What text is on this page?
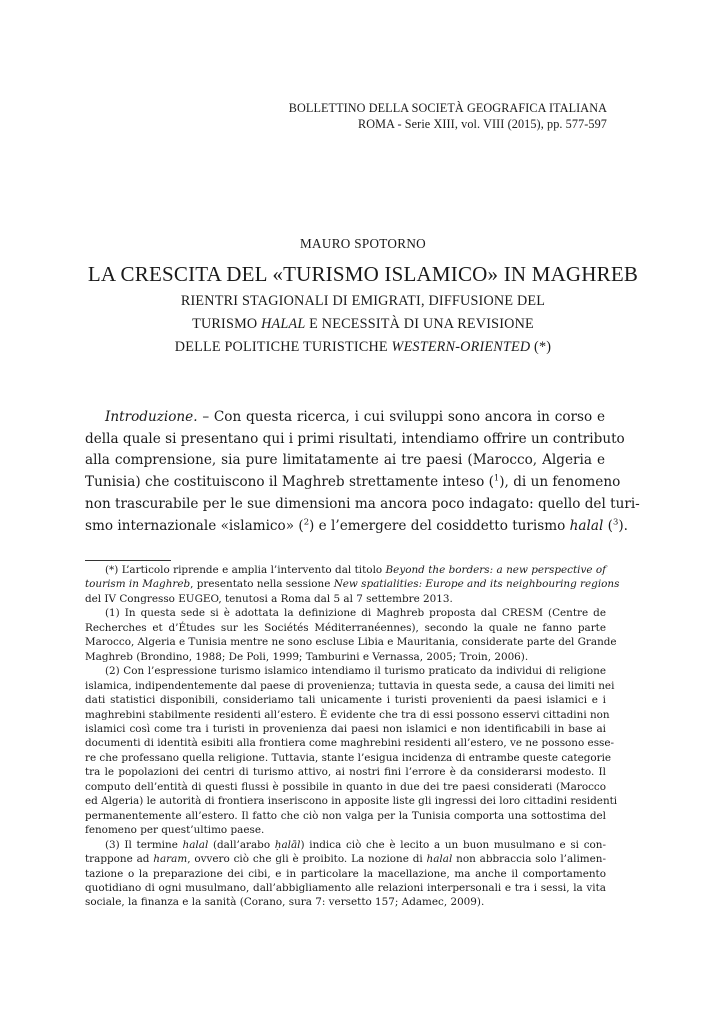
BOLLETTINO DELLA SOCIETÀ GEOGRAFICA ITALIANA
ROMA - Serie XIII, vol. VIII (2015), pp. 577-597
MAURO SPOTORNO
LA CRESCITA DEL «TURISMO ISLAMICO» IN MAGHREB
RIENTRI STAGIONALI DI EMIGRATI, DIFFUSIONE DEL
TURISMO HALAL E NECESSITÀ DI UNA REVISIONE
DELLE POLITICHE TURISTICHE WESTERN-ORIENTED (*)
Introduzione. – Con questa ricerca, i cui sviluppi sono ancora in corso e
della quale si presentano qui i primi risultati, intendiamo offrire un contributo
alla comprensione, sia pure limitatamente ai tre paesi (Marocco, Algeria e
Tunisia) che costituiscono il Maghreb strettamente inteso ($^1$), di un fenomeno
non trascurabile per le sue dimensioni ma ancora poco indagato: quello del turi-
smo internazionale «islamico» ($^2$) e l’emergere del cosiddetto turismo halal ($^3$).
(*) L’articolo riprende e amplia l’intervento dal titolo Beyond the borders: a new perspective of
tourism in Maghreb, presentato nella sessione New spatialities: Europe and its neighbouring regions
del IV Congresso EUGEO, tenutosi a Roma dal 5 al 7 settembre 2013.
(1) In questa sede si è adottata la definizione di Maghreb proposta dal CRESM (Centre de
Recherches et d’Études sur les Sociétés Méditerranéennes), secondo la quale ne fanno parte
Marocco, Algeria e Tunisia mentre ne sono escluse Libia e Mauritania, considerate parte del Grande
Maghreb (Brondino, 1988; De Poli, 1999; Tamburini e Vernassa, 2005; Troin, 2006).
(2) Con l’espressione turismo islamico intendiamo il turismo praticato da individui di religione
islamica, indipendentemente dal paese di provenienza; tuttavia in questa sede, a causa dei limiti nei
dati statistici disponibili, consideriamo tali unicamente i turisti provenienti da paesi islamici e i
maghrebini stabilmente residenti all’estero. È evidente che tra di essi possono esservi cittadini non
islamici così come tra i turisti in provenienza dai paesi non islamici e non identificabili in base ai
documenti di identità esibiti alla frontiera come maghrebini residenti all’estero, ve ne possono esse-
re che professano quella religione. Tuttavia, stante l’esigua incidenza di entrambe queste categorie
tra le popolazioni dei centri di turismo attivo, ai nostri fini l’errore è da considerarsi modesto. Il
computo dell’entità di questi flussi è possibile in quanto in due dei tre paesi considerati (Marocco
ed Algeria) le autorità di frontiera inseriscono in apposite liste gli ingressi dei loro cittadini residenti
permanentemente all’estero. Il fatto che ciò non valga per la Tunisia comporta una sottostima del
fenomeno per quest’ultimo paese.
(3) Il termine halal (dall’arabo ḥalāl) indica ciò che è lecito a un buon musulmano e si con-
trappone ad haram, ovvero ciò che gli è proibito. La nozione di halal non abbraccia solo l’alimen-
tazione o la preparazione dei cibi, e in particolare la macellazione, ma anche il comportamento
quotidiano di ogni musulmano, dall’abbigliamento alle relazioni interpersonali e tra i sessi, la vita
sociale, la finanza e la sanità (Corano, sura 7: versetto 157; Adamec, 2009).
